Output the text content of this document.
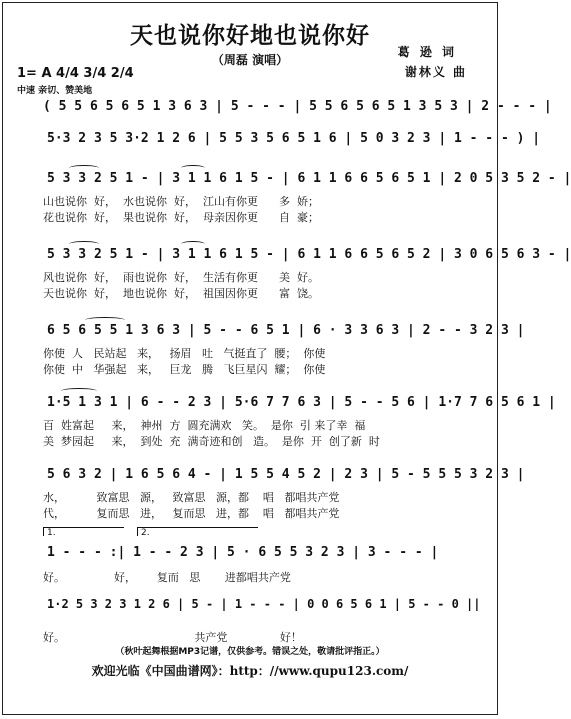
天也说你好地也说你好
（周磊 演唱）
葛 逊 词
谢林义 曲
1= A 4/4 3/4 2/4
中速 亲切、赞美地
( 5 5 6 5 6 5 1 3 6 3 | 5 - - - | 5 5 6 5 6 5 1 3 5 3 | 2 - - - |
5·3 2 3 5 3·2 1 2 6 | 5 5 3 5 6 5 1 6 | 5 0 3 2 3 | 1 - - - ) |
5 3 3 2 5 1 - | 3 1 1 6 1 5 - | 6 1 1 6 6 5 6 5 1 | 2 0 5 3 5 2 - |
山也说你  好，  水也说你  好，  江山有你更      多  娇；
花也说你  好，  果也说你  好，  母亲因你更      自  豪；
5 3 3 2 5 1 - | 3 1 1 6 1 5 - | 6 1 1 6 6 5 6 5 2 | 3 0 6 5 6 3 - |
风也说你  好，  雨也说你  好，  生活有你更      美  好。
天也说你  好，  地也说你  好，  祖国因你更      富  饶。
6 5 6 5 5 1 3 6 3 | 5 - - 6 5 1 | 6 · 3 3 6 3 | 2 - - 3 2 3 |
你使  人   民站起   来，   扬眉   吐   气挺直了  腰；  你使
你使  中   华强起   来，   巨龙   腾   飞巨星闪  耀；  你使
1·5 1 3 1 | 6 - - 2 3 | 5·6 7 7 6 3 | 5 - - 5 6 | 1·7 7 6 5 6 1 |
百  姓富起     来，  神州  方  圆充满欢   笑。  是你  引 来了幸  福
美  梦园起     来，  到处  充  满奇迹和创   造。  是你  开  创了新  时
5 6 3 2 | 1 6 5 6 4 - | 1 5 5 4 5 2 | 2 3 | 5 - 5 5 5 3 2 3 |
水，         致富思   源，   致富思   源，都    唱   都唱共产党
代，         复而思   进，   复而思   进，都    唱   都唱共产党
1.	2.
1 - - - :| 1 - - 2 3 | 5 · 6 5 5 3 2 3 | 3 - - - |
好。              好，      复而   思       进都唱共产党
1·2 5 3 2 3 1 2 6 | 5 - | 1 - - - | 0 0 6 5 6 1 | 5 - - 0 ||
好。                                     共产党               好！
（秋叶起舞根据MP3记谱，仅供参考。错误之处，敬请批评指正。）
欢迎光临《中国曲谱网》：http：//www.qupu123.com/
